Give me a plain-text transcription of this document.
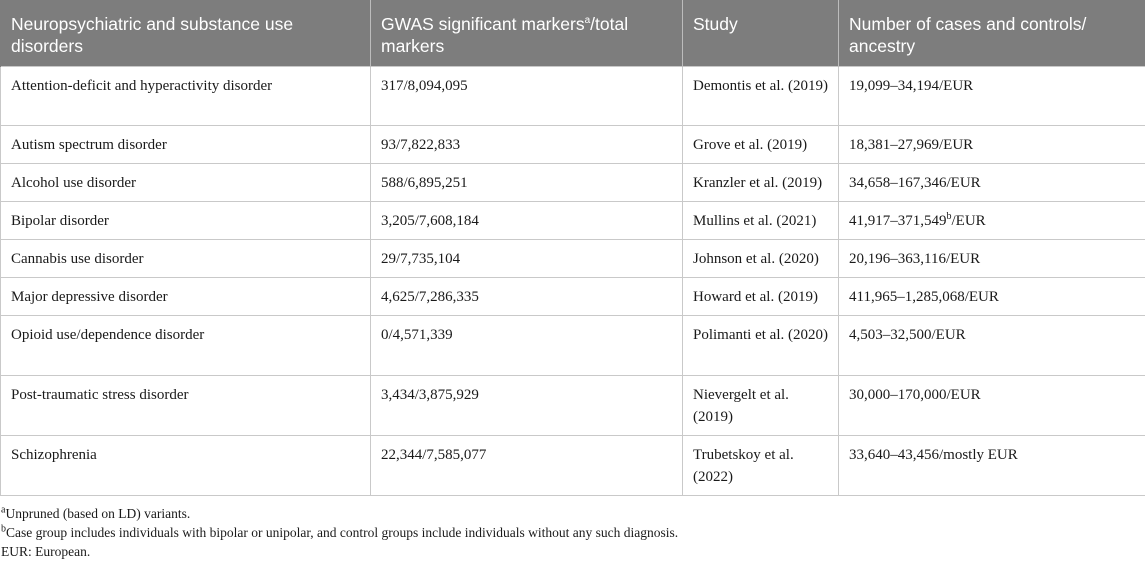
Neuropsychiatric and substance use disorders	GWAS significant markers$^a$/total markers	Study	Number of cases and controls/ ancestry
Attention-deficit and hyperactivity disorder	317/8,094,095	Demontis et al. (2019)	19,099–34,194/EUR
Autism spectrum disorder	93/7,822,833	Grove et al. (2019)	18,381–27,969/EUR
Alcohol use disorder	588/6,895,251	Kranzler et al. (2019)	34,658–167,346/EUR
Bipolar disorder	3,205/7,608,184	Mullins et al. (2021)	41,917–371,549$^b$/EUR
Cannabis use disorder	29/7,735,104	Johnson et al. (2020)	20,196–363,116/EUR
Major depressive disorder	4,625/7,286,335	Howard et al. (2019)	411,965–1,285,068/EUR
Opioid use/dependence disorder	0/4,571,339	Polimanti et al. (2020)	4,503–32,500/EUR
Post-traumatic stress disorder	3,434/3,875,929	Nievergelt et al. (2019)	30,000–170,000/EUR
Schizophrenia	22,344/7,585,077	Trubetskoy et al. (2022)	33,640–43,456/mostly EUR

$^a$Unpruned (based on LD) variants.

$^b$Case group includes individuals with bipolar or unipolar, and control groups include individuals without any such diagnosis.

EUR: European.
